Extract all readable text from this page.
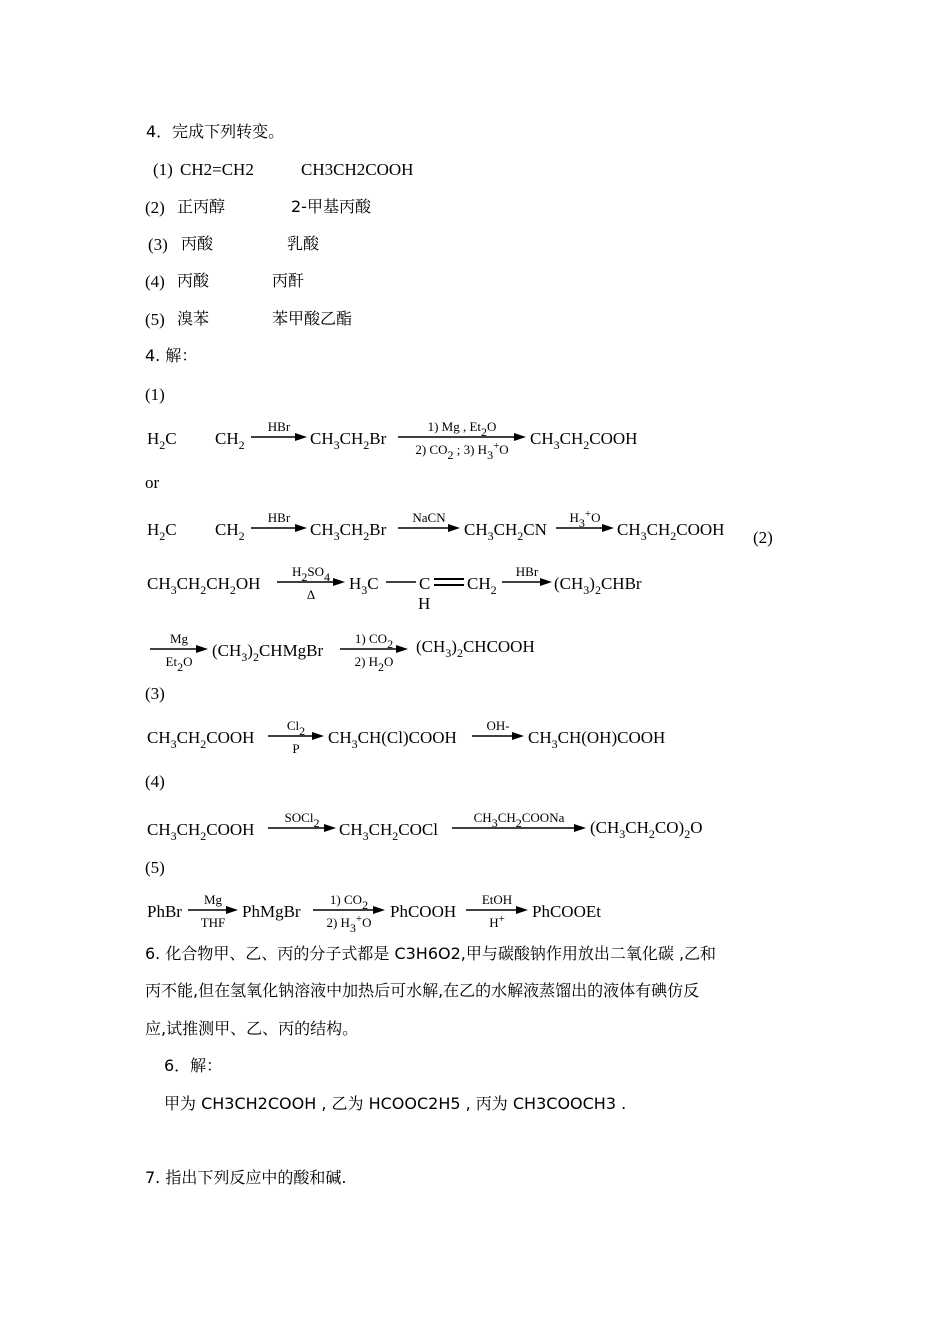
4．完成下列转变。
(1) CH2=CH2	CH3CH2COOH
(2) 正丙醇	2-甲基丙酸
(3) 丙酸	乳酸
(4) 丙酸	丙酐
(5) 溴苯	苯甲酸乙酯
4. 解：
(1)
$H_2C$ $CH_2$
HBr
$CH_3CH_2Br$
1) Mg , $Et_2O$
2) $CO_2$ ; 3) $H_3^+O$
$CH_3CH_2COOH$
or
$H_2C$ $CH_2$
HBr
$CH_3CH_2Br$
NaCN
$CH_3CH_2CN$
$H_3^+O$
$CH_3CH_2COOH$ (2)
$CH_3CH_2CH_2OH$
$H_2SO_4$
Δ
$H_3C$ C
H
$CH_2$
HBr
$(CH_3)_2CHBr$
Mg
$Et_2O$
$(CH_3)_2CHMgBr$
1) $CO_2$
2) $H_2O$
$(CH_3)_2CHCOOH$
(3)
$CH_3CH_2COOH$
$Cl_2$
P
$CH_3CH(Cl)COOH$
OH-
$CH_3CH(OH)COOH$
(4)
$CH_3CH_2COOH$
SOCl$_2$	$CH_3CH_2COCl$
$CH_3CH_2COONa$
$(CH_3CH_2CO)_2O$
(5)
PhBr
Mg
THF
PhMgBr
1) $CO_2$
2) $H_3^+O$
PhCOOH
EtOH
H+	PhCOOEt
6. 化合物甲、乙、丙的分子式都是 C3H6O2,甲与碳酸钠作用放出二氧化碳 ,乙和
丙不能,但在氢氧化钠溶液中加热后可水解,在乙的水解液蒸馏出的液体有碘仿反
应,试推测甲、乙、丙的结构。
6．解：
甲为 CH3CH2COOH , 乙为 HCOOC2H5 , 丙为 CH3COOCH3 .
7. 指出下列反应中的酸和碱.
